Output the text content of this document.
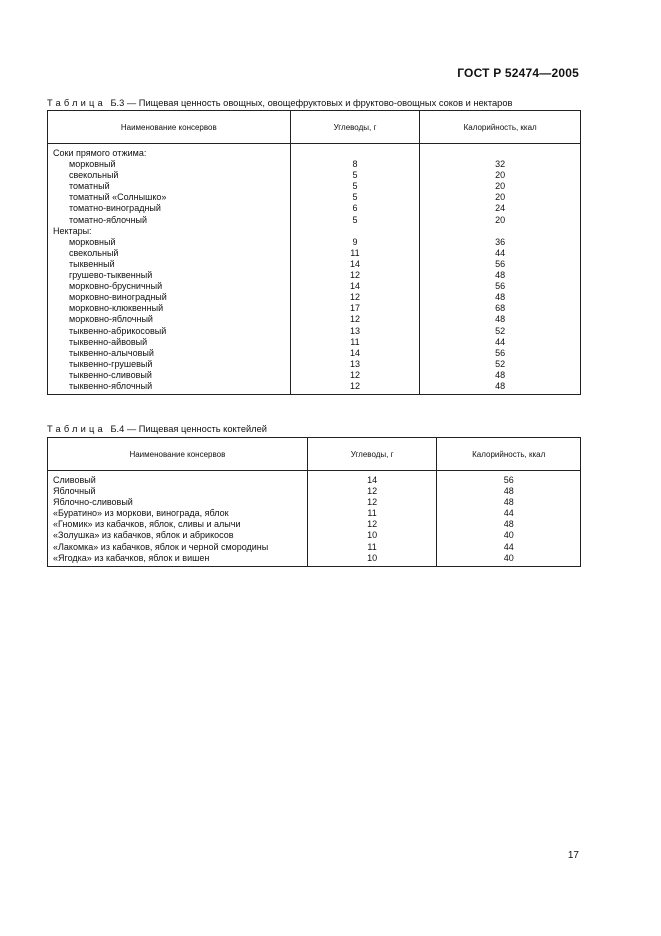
ГОСТ Р 52474—2005
Таблица Б.3 — Пищевая ценность овощных, овощефруктовых и фруктово-овощных соков и нектаров
Наименование консервов	Углеводы, г	Калорийность, ккал
Соки прямого отжима:		
морковный	8	32
свекольный	5	20
томатный	5	20
томатный «Солнышко»	5	20
томатно-виноградный	6	24
томатно-яблочный	5	20
Нектары:		
морковный	9	36
свекольный	11	44
тыквенный	14	56
грушево-тыквенный	12	48
морковно-брусничный	14	56
морковно-виноградный	12	48
морковно-клюквенный	17	68
морковно-яблочный	12	48
тыквенно-абрикосовый	13	52
тыквенно-айвовый	11	44
тыквенно-алычовый	14	56
тыквенно-грушевый	13	52
тыквенно-сливовый	12	48
тыквенно-яблочный	12	48
Таблица Б.4 — Пищевая ценность коктейлей
Наименование консервов	Углеводы, г	Калорийность, ккал
Сливовый	14	56
Яблочный	12	48
Яблочно-сливовый	12	48
«Буратино» из моркови, винограда, яблок	11	44
«Гномик» из кабачков, яблок, сливы и алычи	12	48
«Золушка» из кабачков, яблок и абрикосов	10	40
«Лакомка» из кабачков, яблок и черной смородины	11	44
«Ягодка» из кабачков, яблок и вишен	10	40
17
